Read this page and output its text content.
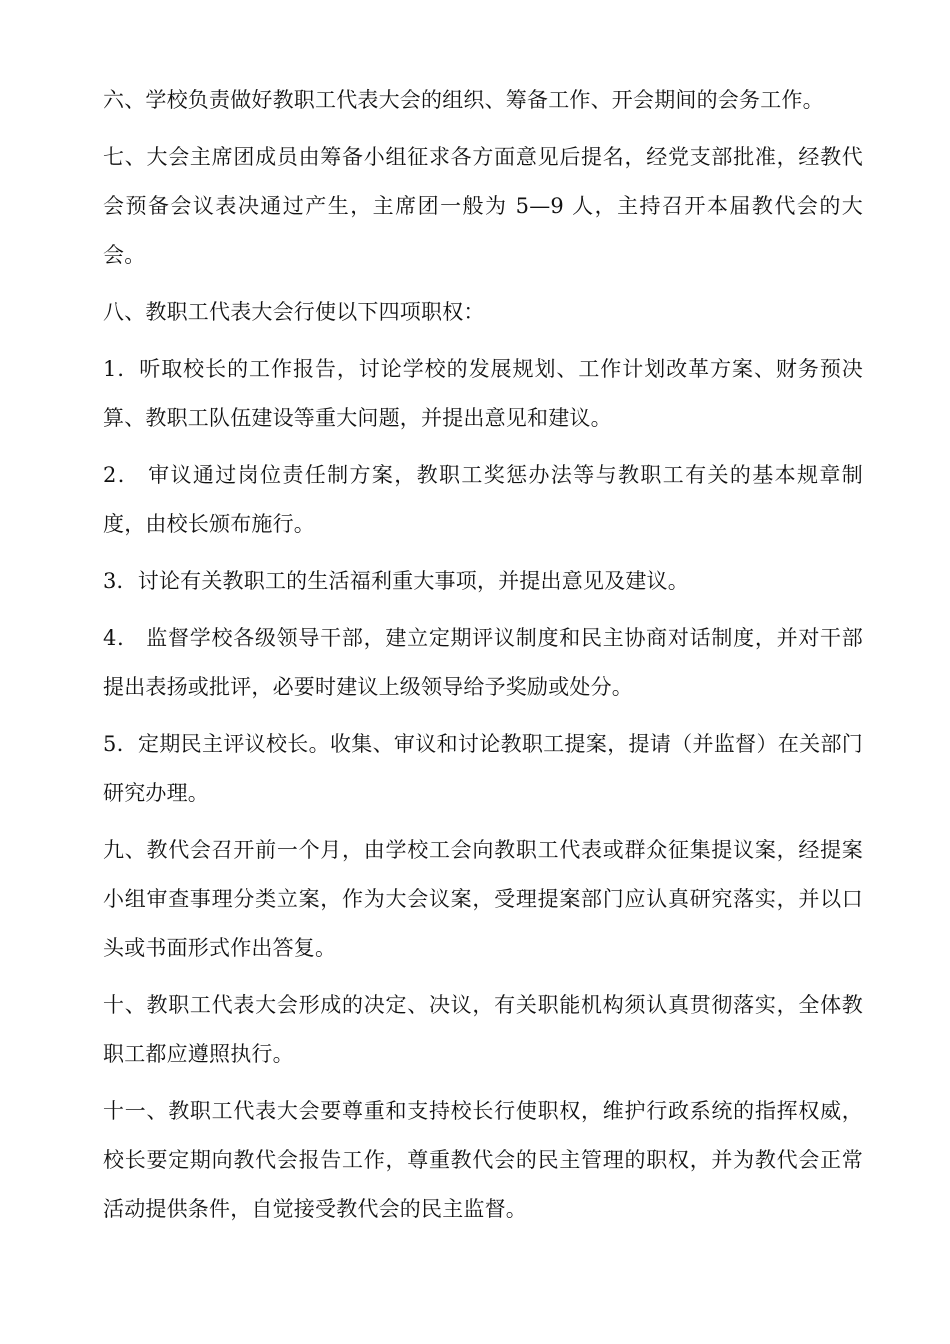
六、学校负责做好教职工代表大会的组织、筹备工作、开会期间的会务工作。

七、大会主席团成员由筹备小组征求各方面意见后提名，经党支部批准，经教代会预备会议表决通过产生，主席团一般为 5—9 人，主持召开本届教代会的大会。

八、教职工代表大会行使以下四项职权：

1．听取校长的工作报告，讨论学校的发展规划、工作计划改革方案、财务预决算、教职工队伍建设等重大问题，并提出意见和建议。

2． 审议通过岗位责任制方案，教职工奖惩办法等与教职工有关的基本规章制度，由校长颁布施行。

3．讨论有关教职工的生活福利重大事项，并提出意见及建议。

4． 监督学校各级领导干部，建立定期评议制度和民主协商对话制度，并对干部提出表扬或批评，必要时建议上级领导给予奖励或处分。

5．定期民主评议校长。收集、审议和讨论教职工提案，提请（并监督）在关部门研究办理。

九、教代会召开前一个月，由学校工会向教职工代表或群众征集提议案，经提案小组审查事理分类立案，作为大会议案，受理提案部门应认真研究落实，并以口头或书面形式作出答复。

十、教职工代表大会形成的决定、决议，有关职能机构须认真贯彻落实，全体教职工都应遵照执行。

十一、教职工代表大会要尊重和支持校长行使职权，维护行政系统的指挥权威，校长要定期向教代会报告工作，尊重教代会的民主管理的职权，并为教代会正常活动提供条件，自觉接受教代会的民主监督。
